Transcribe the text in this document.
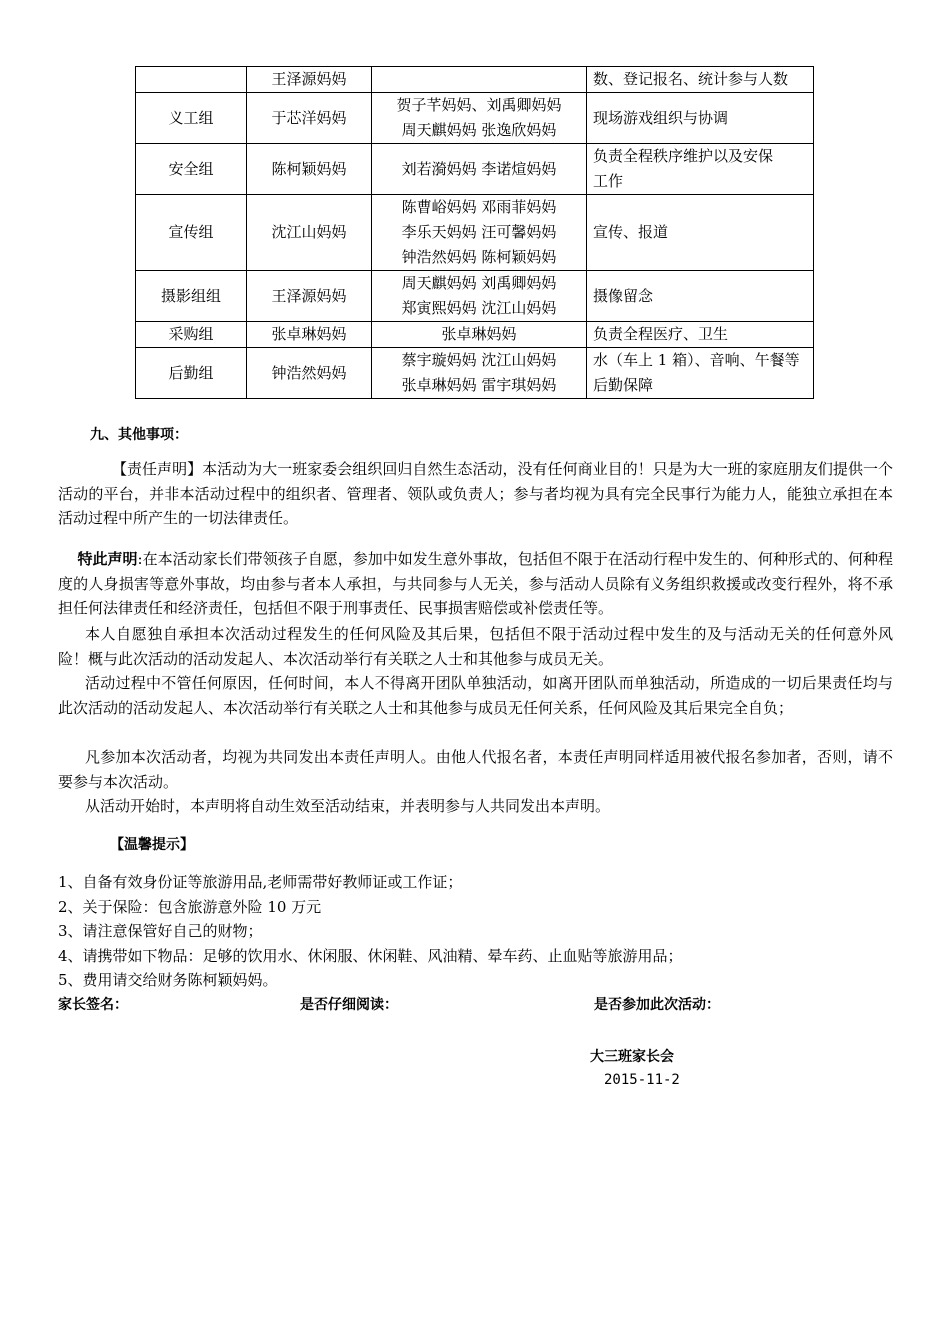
	王泽源妈妈		数、登记报名、统计参与人数

义工组	于芯洋妈妈	贺子芊妈妈、刘禹卿妈妈
周天麒妈妈 张逸欣妈妈	现场游戏组织与协调

安全组	陈柯颖妈妈	刘若漪妈妈 李诺煊妈妈	负责全程秩序维护以及安保
工作

宣传组	沈江山妈妈	陈曹峪妈妈 邓雨菲妈妈
李乐天妈妈 汪可馨妈妈
钟浩然妈妈 陈柯颖妈妈	宣传、报道

摄影组组	王泽源妈妈	周天麒妈妈 刘禹卿妈妈
郑寅熙妈妈 沈江山妈妈	摄像留念

采购组	张卓琳妈妈	张卓琳妈妈	负责全程医疗、卫生

后勤组	钟浩然妈妈	蔡宇璇妈妈 沈江山妈妈
张卓琳妈妈 雷宇琪妈妈	水（车上 1 箱）、音响、午餐等
后勤保障
九、其他事项：
【责任声明】本活动为大一班家委会组织回归自然生态活动，没有任何商业目的！只是为大一班的家庭朋友们提供一个活动的平台，并非本活动过程中的组织者、管理者、领队或负责人；参与者均视为具有完全民事行为能力人，能独立承担在本活动过程中所产生的一切法律责任。
特此声明:在本活动家长们带领孩子自愿，参加中如发生意外事故，包括但不限于在活动行程中发生的、何种形式的、何种程度的人身损害等意外事故，均由参与者本人承担，与共同参与人无关，参与活动人员除有义务组织救援或改变行程外，将不承担任何法律责任和经济责任，包括但不限于刑事责任、民事损害赔偿或补偿责任等。
本人自愿独自承担本次活动过程发生的任何风险及其后果，包括但不限于活动过程中发生的及与活动无关的任何意外风险！概与此次活动的活动发起人、本次活动举行有关联之人士和其他参与成员无关。
活动过程中不管任何原因，任何时间，本人不得离开团队单独活动，如离开团队而单独活动，所造成的一切后果责任均与此次活动的活动发起人、本次活动举行有关联之人士和其他参与成员无任何关系，任何风险及其后果完全自负；
凡参加本次活动者，均视为共同发出本责任声明人。由他人代报名者，本责任声明同样适用被代报名参加者，否则，请不要参与本次活动。
从活动开始时，本声明将自动生效至活动结束，并表明参与人共同发出本声明。
【温馨提示】
1、自备有效身份证等旅游用品,老师需带好教师证或工作证；
2、关于保险：包含旅游意外险 10 万元
3、请注意保管好自己的财物；
4、请携带如下物品：足够的饮用水、休闲服、休闲鞋、风油精、晕车药、止血贴等旅游用品；
5、费用请交给财务陈柯颖妈妈。
家长签名：	是否仔细阅读：	是否参加此次活动：
大三班家长会
2015-11-2
